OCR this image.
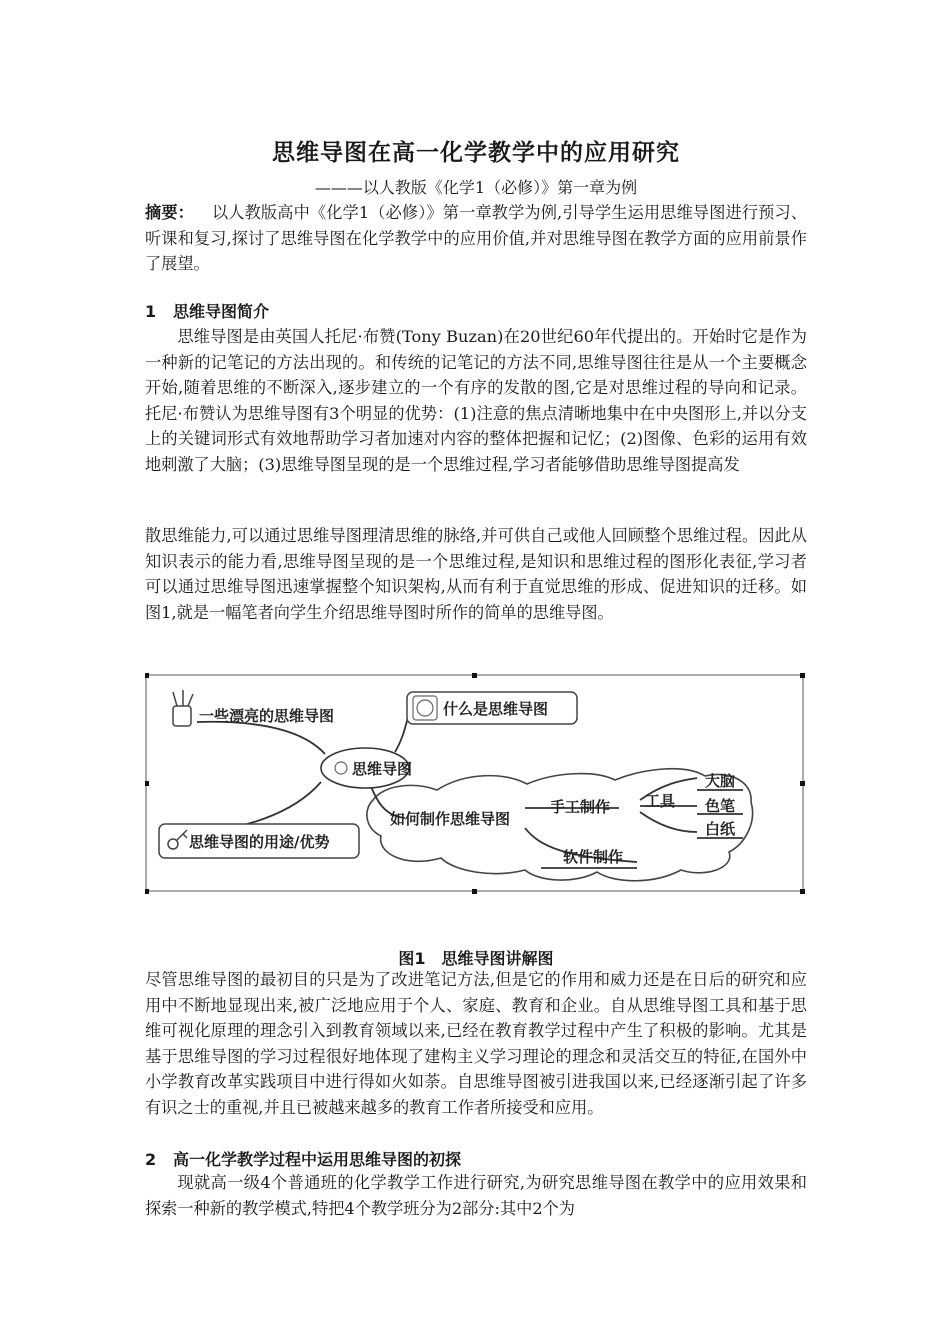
思维导图在高一化学教学中的应用研究
———以人教版《化学1（必修）》第一章为例

摘要： 以人教版高中《化学1（必修）》第一章教学为例,引导学生运用思维导图进行预习、听课和复习,探讨了思维导图在化学教学中的应用价值,并对思维导图在教学方面的应用前景作了展望。

1 思维导图简介

思维导图是由英国人托尼·布赞(Tony Buzan)在20世纪60年代提出的。开始时它是作为一种新的记笔记的方法出现的。和传统的记笔记的方法不同,思维导图往往是从一个主要概念开始,随着思维的不断深入,逐步建立的一个有序的发散的图,它是对思维过程的导向和记录。托尼·布赞认为思维导图有3个明显的优势：(1)注意的焦点清晰地集中在中央图形上,并以分支上的关键词形式有效地帮助学习者加速对内容的整体把握和记忆；(2)图像、色彩的运用有效地刺激了大脑；(3)思维导图呈现的是一个思维过程,学习者能够借助思维导图提高发

散思维能力,可以通过思维导图理清思维的脉络,并可供自己或他人回顾整个思维过程。因此从知识表示的能力看,思维导图呈现的是一个思维过程,是知识和思维过程的图形化表征,学习者可以通过思维导图迅速掌握整个知识架构,从而有利于直觉思维的形成、促进知识的迁移。如图1,就是一幅笔者向学生介绍思维导图时所作的简单的思维导图。

思维导图
一些漂亮的思维导图	什么是思维导图
思维导图的用途/优势
如何制作思维导图
手工制作 工具
大脑
色笔
白纸
软件制作
图1　思维导图讲解图

尽管思维导图的最初目的只是为了改进笔记方法,但是它的作用和威力还是在日后的研究和应用中不断地显现出来,被广泛地应用于个人、家庭、教育和企业。自从思维导图工具和基于思维可视化原理的理念引入到教育领域以来,已经在教育教学过程中产生了积极的影响。尤其是基于思维导图的学习过程很好地体现了建构主义学习理论的理念和灵活交互的特征,在国外中小学教育改革实践项目中进行得如火如荼。自思维导图被引进我国以来,已经逐渐引起了许多有识之士的重视,并且已被越来越多的教育工作者所接受和应用。

2 高一化学教学过程中运用思维导图的初探

现就高一级4个普通班的化学教学工作进行研究,为研究思维导图在教学中的应用效果和探索一种新的教学模式,特把4个教学班分为2部分:其中2个为
